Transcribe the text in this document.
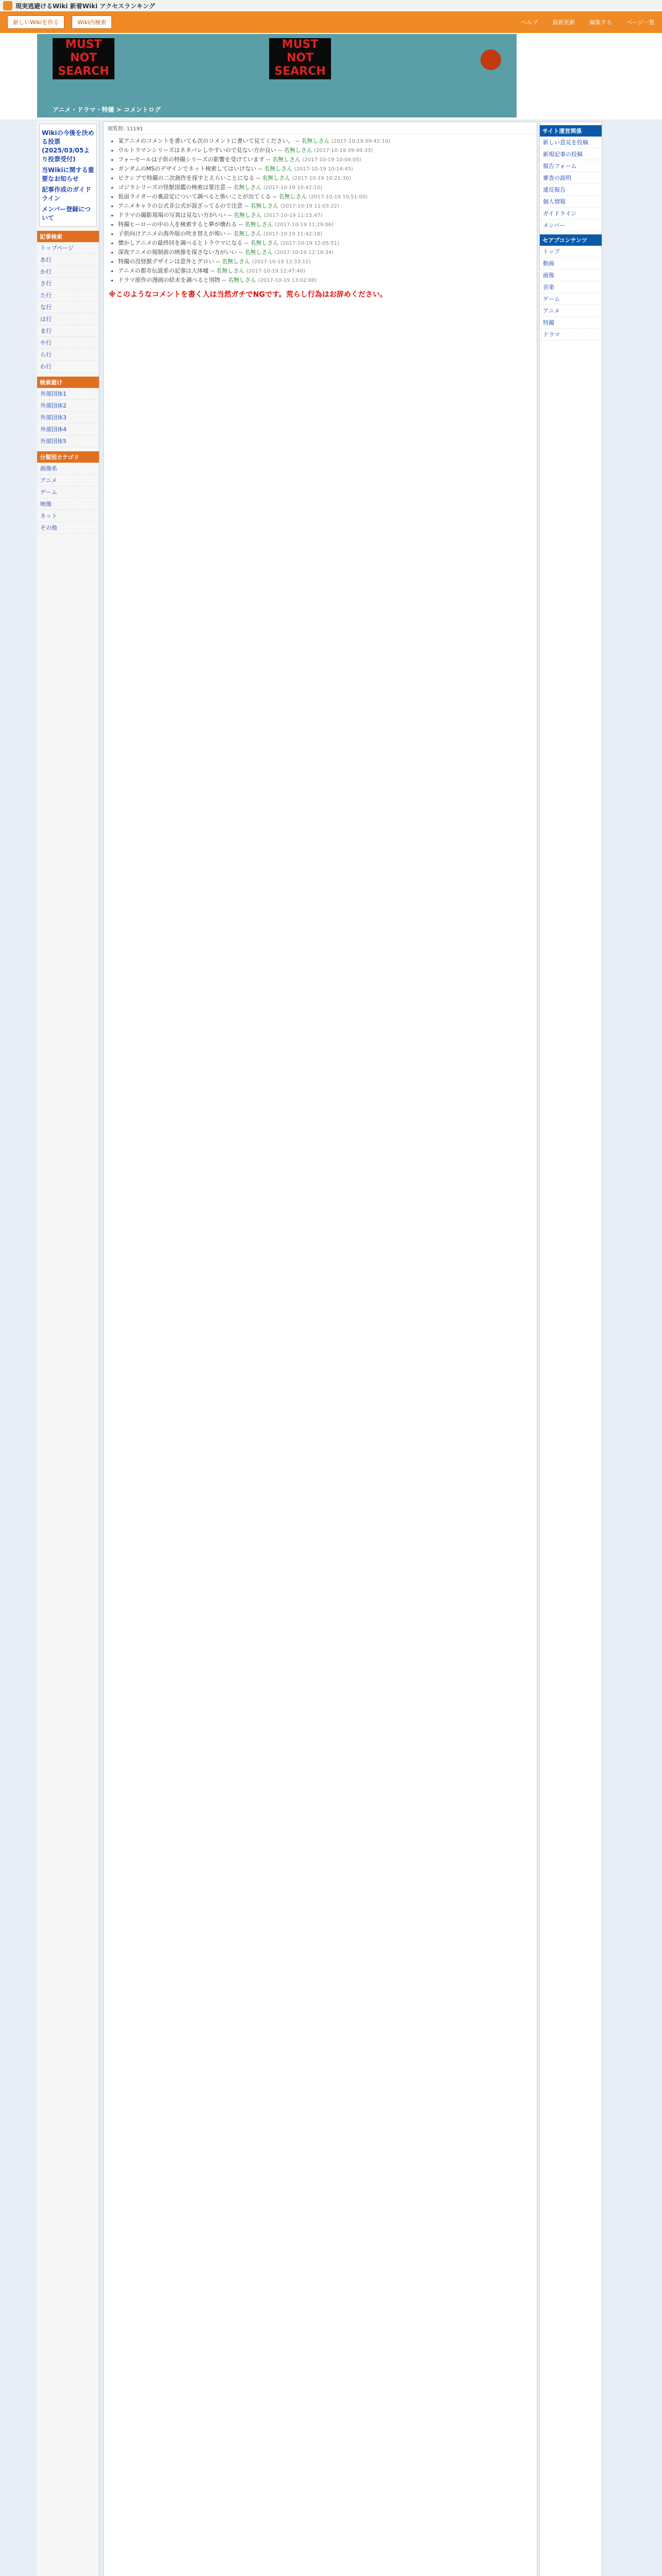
現実逃避けるWiki 新着Wiki アクセスランキング
新しいWikiを作る	Wiki内検索	ヘルプ	最新更新	編集する	ページ一覧
MUST NOT SEARCH
MUST NOT SEARCH
アニメ・ドラマ・特撮 > コメントログ
Wikiの今後を決める投票(2025/03/05より投票受付)
当Wikiに関する重要なお知らせ
記事作成のガイドライン
メンバー登録について
記事検索
トップページ
あ行
か行
さ行
た行
な行
は行
ま行
や行
ら行
わ行
検索避け
外部団体1
外部団体2
外部団体3
外部団体4
外部団体5
分類別カテゴリ
画像系
アニメ
ゲーム
映像
ネット
その他
閲覧数: 11191
• 某アニメのコメントを書いても次のコメントに書いて見てください。 -- 名無しさん (2017-10-19 09:42:10)
• ウルトラマンシリーズはネタバレしやすいので見ない方が良い -- 名無しさん (2017-10-19 09:49:33)
• フォーセールは子供の特撮シリーズの影響を受けています -- 名無しさん (2017-10-19 10:04:05)
• ガンダムのMSのデザインでネット検索してはいけない -- 名無しさん (2017-10-19 10:14:45)
• ピクシブで特撮の二次創作を探すとえらいことになる -- 名無しさん (2017-10-19 10:21:30)
• ゴジラシリーズの怪獣図鑑の検索は要注意 -- 名無しさん (2017-10-19 10:42:10)
• 仮面ライダーの裏設定について調べると怖いことが出てくる -- 名無しさん (2017-10-19 10:51:00)
• アニメキャラの公式非公式が混ざってるので注意 -- 名無しさん (2017-10-19 11:03:22)
• ドラマの撮影現場の写真は見ない方がいい -- 名無しさん (2017-10-19 11:15:47)
• 特撮ヒーローの中の人を検索すると夢が壊れる -- 名無しさん (2017-10-19 11:29:06)
• 子供向けアニメの海外版の吹き替えが怖い -- 名無しさん (2017-10-19 11:42:18)
• 懐かしアニメの最終回を調べるとトラウマになる -- 名無しさん (2017-10-19 12:05:51)
• 深夜アニメの規制前の映像を探さない方がいい -- 名無しさん (2017-10-19 12:19:34)
• 特撮の没怪獣デザインは意外とグロい -- 名無しさん (2017-10-19 12:33:12)
• アニメの都市伝説系の記事は大体嘘 -- 名無しさん (2017-10-19 12:47:40)
• ドラマ原作の漫画の結末を調べると別物 -- 名無しさん (2017-10-19 13:02:08)
※このようなコメントを書く人は当然ガチでNGです。荒らし行為はお辞めください。
サイト運営関係
新しい意見を投稿
新規記事の投稿
報告フォーム
審査の説明
違反報告
個人情報
ガイドライン
メンバー
セアプコンテンツ
トップ
動画
画像
音楽
ゲーム
アニメ
特撮
ドラマ
